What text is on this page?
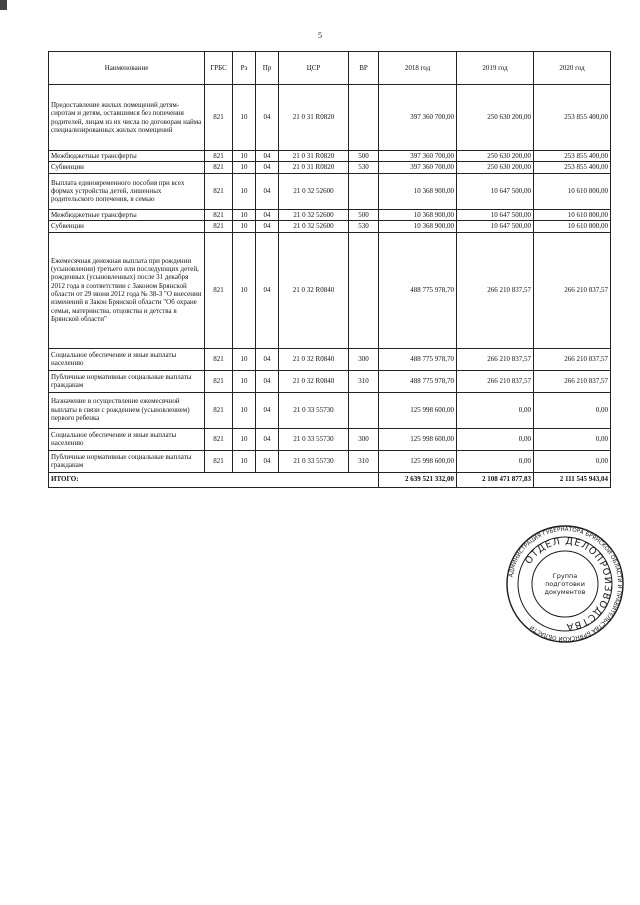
5
Наименование	ГРБС	Рз	Пр	ЦСР	ВР	2018 год	2019 год	2020 год
Предоставление жилых помещений детям-сиротам и детям, оставшимся без попечения родителей, лицам из их числа по договорам найма специализированных жилых помещений	821	10	04	21 0 31 R0820		397 360 700,00	250 630 200,00	253 855 400,00
Межбюджетные трансферты	821	10	04	21 0 31 R0820	500	397 360 700,00	250 630 200,00	253 855 400,00
Субвенции	821	10	04	21 0 31 R0820	530	397 360 700,00	250 630 200,00	253 855 400,00
Выплата единовременного пособия при всех формах устройства детей, лишенных родительского попечения, в семью	821	10	04	21 0 32 52600		10 368 900,00	10 647 500,00	10 610 800,00
Межбюджетные трансферты	821	10	04	21 0 32 52600	500	10 368 900,00	10 647 500,00	10 610 800,00
Субвенции	821	10	04	21 0 32 52600	530	10 368 900,00	10 647 500,00	10 610 800,00
Ежемесячная денежная выплата при рождении (усыновлении) третьего или последующих детей, рожденных (усыновленных) после 31 декабря 2012 года в соответствии с Законом Брянской области от 29 июня 2012 года № 38-З "О внесении изменений в Закон Брянской области "Об охране семьи, материнства, отцовства и детства в Брянской области"	821	10	04	21 0 32 R0840		488 775 978,70	266 210 837,57	266 210 837,57
Социальное обеспечение и иные выплаты населению	821	10	04	21 0 32 R0840	300	488 775 978,70	266 210 837,57	266 210 837,57
Публичные нормативные социальные выплаты гражданам	821	10	04	21 0 32 R0840	310	488 775 978,70	266 210 837,57	266 210 837,57
Назначение и осуществление ежемесячной выплаты в связи с рождением (усыновлением) первого ребенка	821	10	04	21 0 33 55730		125 998 600,00	0,00	0,00
Социальное обеспечение и иные выплаты населению	821	10	04	21 0 33 55730	300	125 998 600,00	0,00	0,00
Публичные нормативные социальные выплаты гражданам	821	10	04	21 0 33 55730	310	125 998 600,00	0,00	0,00
ИТОГО:						2 639 521 332,00	2 108 471 877,83	2 111 545 943,04
АДМИНИСТРАЦИЯ ГУБЕРНАТОРА БРЯНСКОЙ ОБЛАСТИ И ПРАВИТЕЛЬСТВА БРЯНСКОЙ ОБЛАСТИ
ОТДЕЛ ДЕЛОПРОИЗВОДСТВА
Группа
подготовки
документов
